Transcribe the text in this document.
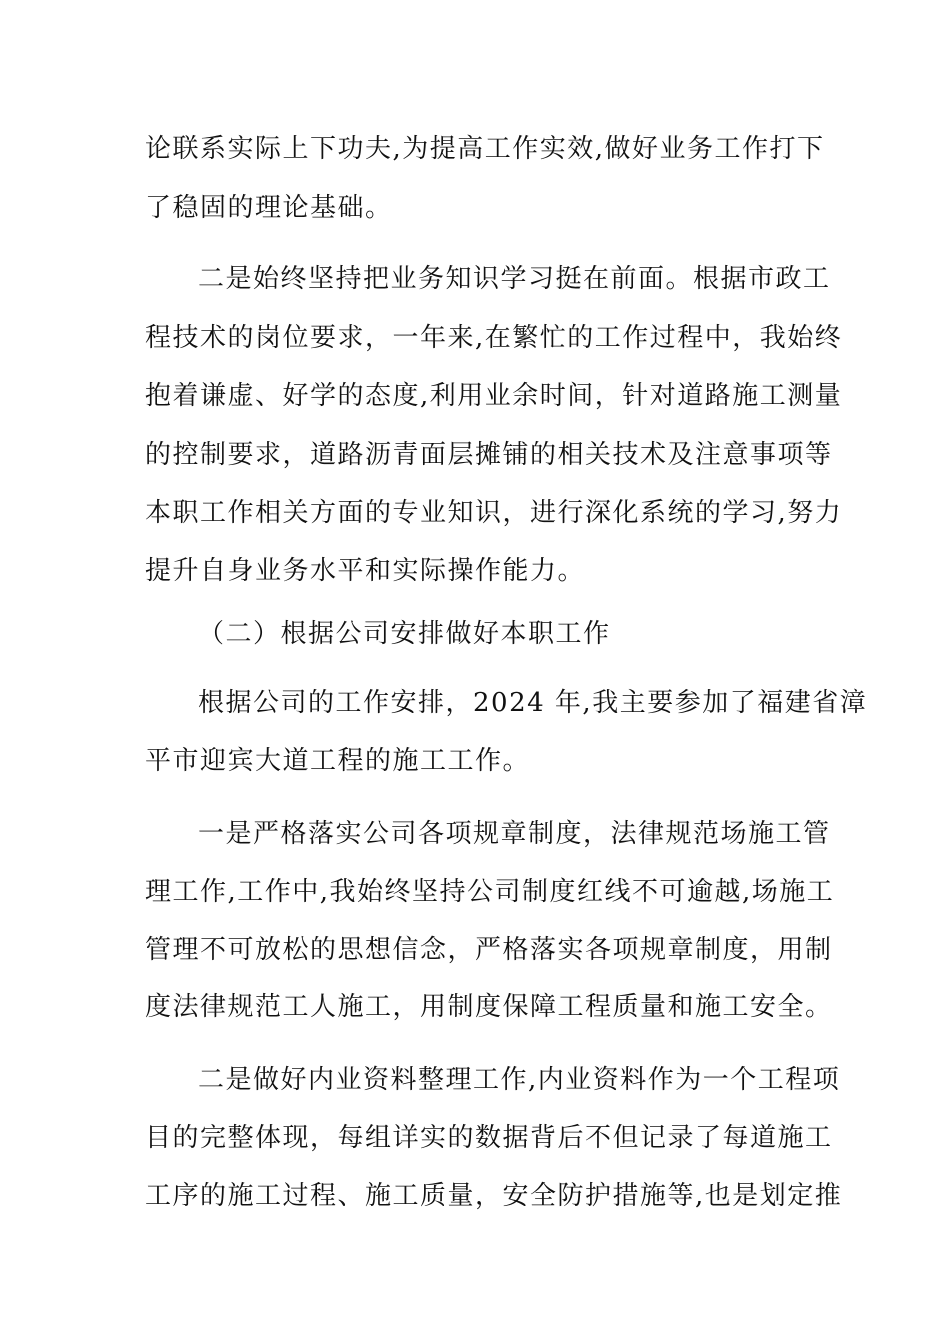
论联系实际上下功夫,为提高工作实效,做好业务工作打下
了稳固的理论基础。
二是始终坚持把业务知识学习挺在前面。根据市政工
程技术的岗位要求，一年来,在繁忙的工作过程中，我始终
抱着谦虚、好学的态度,利用业余时间，针对道路施工测量
的控制要求，道路沥青面层摊铺的相关技术及注意事项等
本职工作相关方面的专业知识，进行深化系统的学习,努力
提升自身业务水平和实际操作能力。
（二）根据公司安排做好本职工作
根据公司的工作安排，2024 年,我主要参加了福建省漳
平市迎宾大道工程的施工工作。
一是严格落实公司各项规章制度，法律规范场施工管
理工作,工作中,我始终坚持公司制度红线不可逾越,场施工
管理不可放松的思想信念，严格落实各项规章制度，用制
度法律规范工人施工，用制度保障工程质量和施工安全。
二是做好内业资料整理工作,内业资料作为一个工程项
目的完整体现，每组详实的数据背后不但记录了每道施工
工序的施工过程、施工质量，安全防护措施等,也是划定推
